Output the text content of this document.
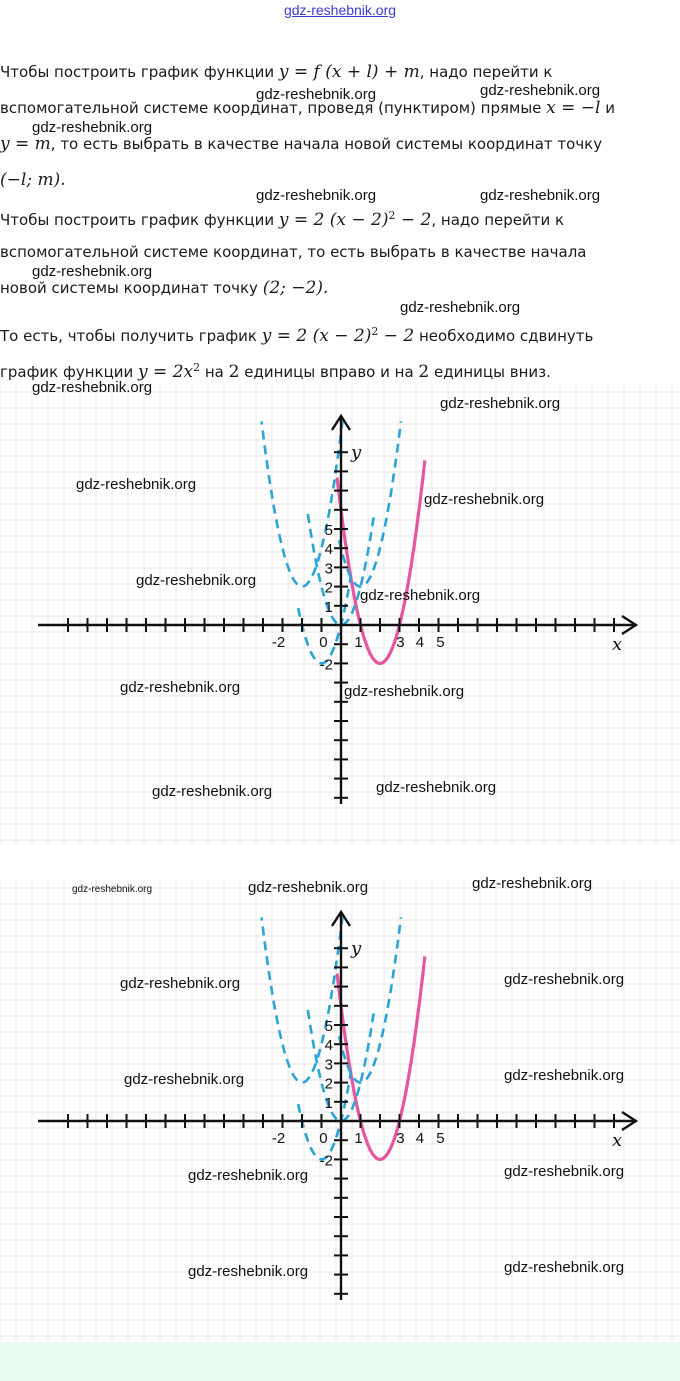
gdz-reshebnik.org

Чтобы построить график функции y = f (x + l) + m, надо перейти к

вспомогательной системе координат, проведя (пунктиром) прямые x = −l и

y = m, то есть выбрать в качестве начала новой системы координат точку

(−l; m).

Чтобы построить график функции y = 2 $(x - 2)^2 - 2$, надо перейти к

вспомогательной системе координат, то есть выбрать в качестве начала

новой системы координат точку (2; −2).

То есть, чтобы получить график y = 2 $(x - 2)^2 - 2$ необходимо сдвинуть

график функции $y = 2x^2$ на 2 единицы вправо и на 2 единицы вниз.

-2 0 1 3 4 5
5
4
3
2
1
-2
x
y
-2 0 1 3 4 5
5
4
3
2
1
-2
x
y
gdz-reshebnik.org	gdz-reshebnik.org
gdz-reshebnik.org
gdz-reshebnik.org	gdz-reshebnik.org
gdz-reshebnik.org
gdz-reshebnik.org
gdz-reshebnik.org
gdz-reshebnik.org
gdz-reshebnik.org
gdz-reshebnik.org
gdz-reshebnik.org
gdz-reshebnik.org
gdz-reshebnik.org	gdz-reshebnik.org
gdz-reshebnik.org	gdz-reshebnik.org
gdz-reshebnik.org	gdz-reshebnik.org	gdz-reshebnik.org
gdz-reshebnik.org	gdz-reshebnik.org
gdz-reshebnik.org	gdz-reshebnik.org
gdz-reshebnik.org	gdz-reshebnik.org
gdz-reshebnik.org	gdz-reshebnik.org
